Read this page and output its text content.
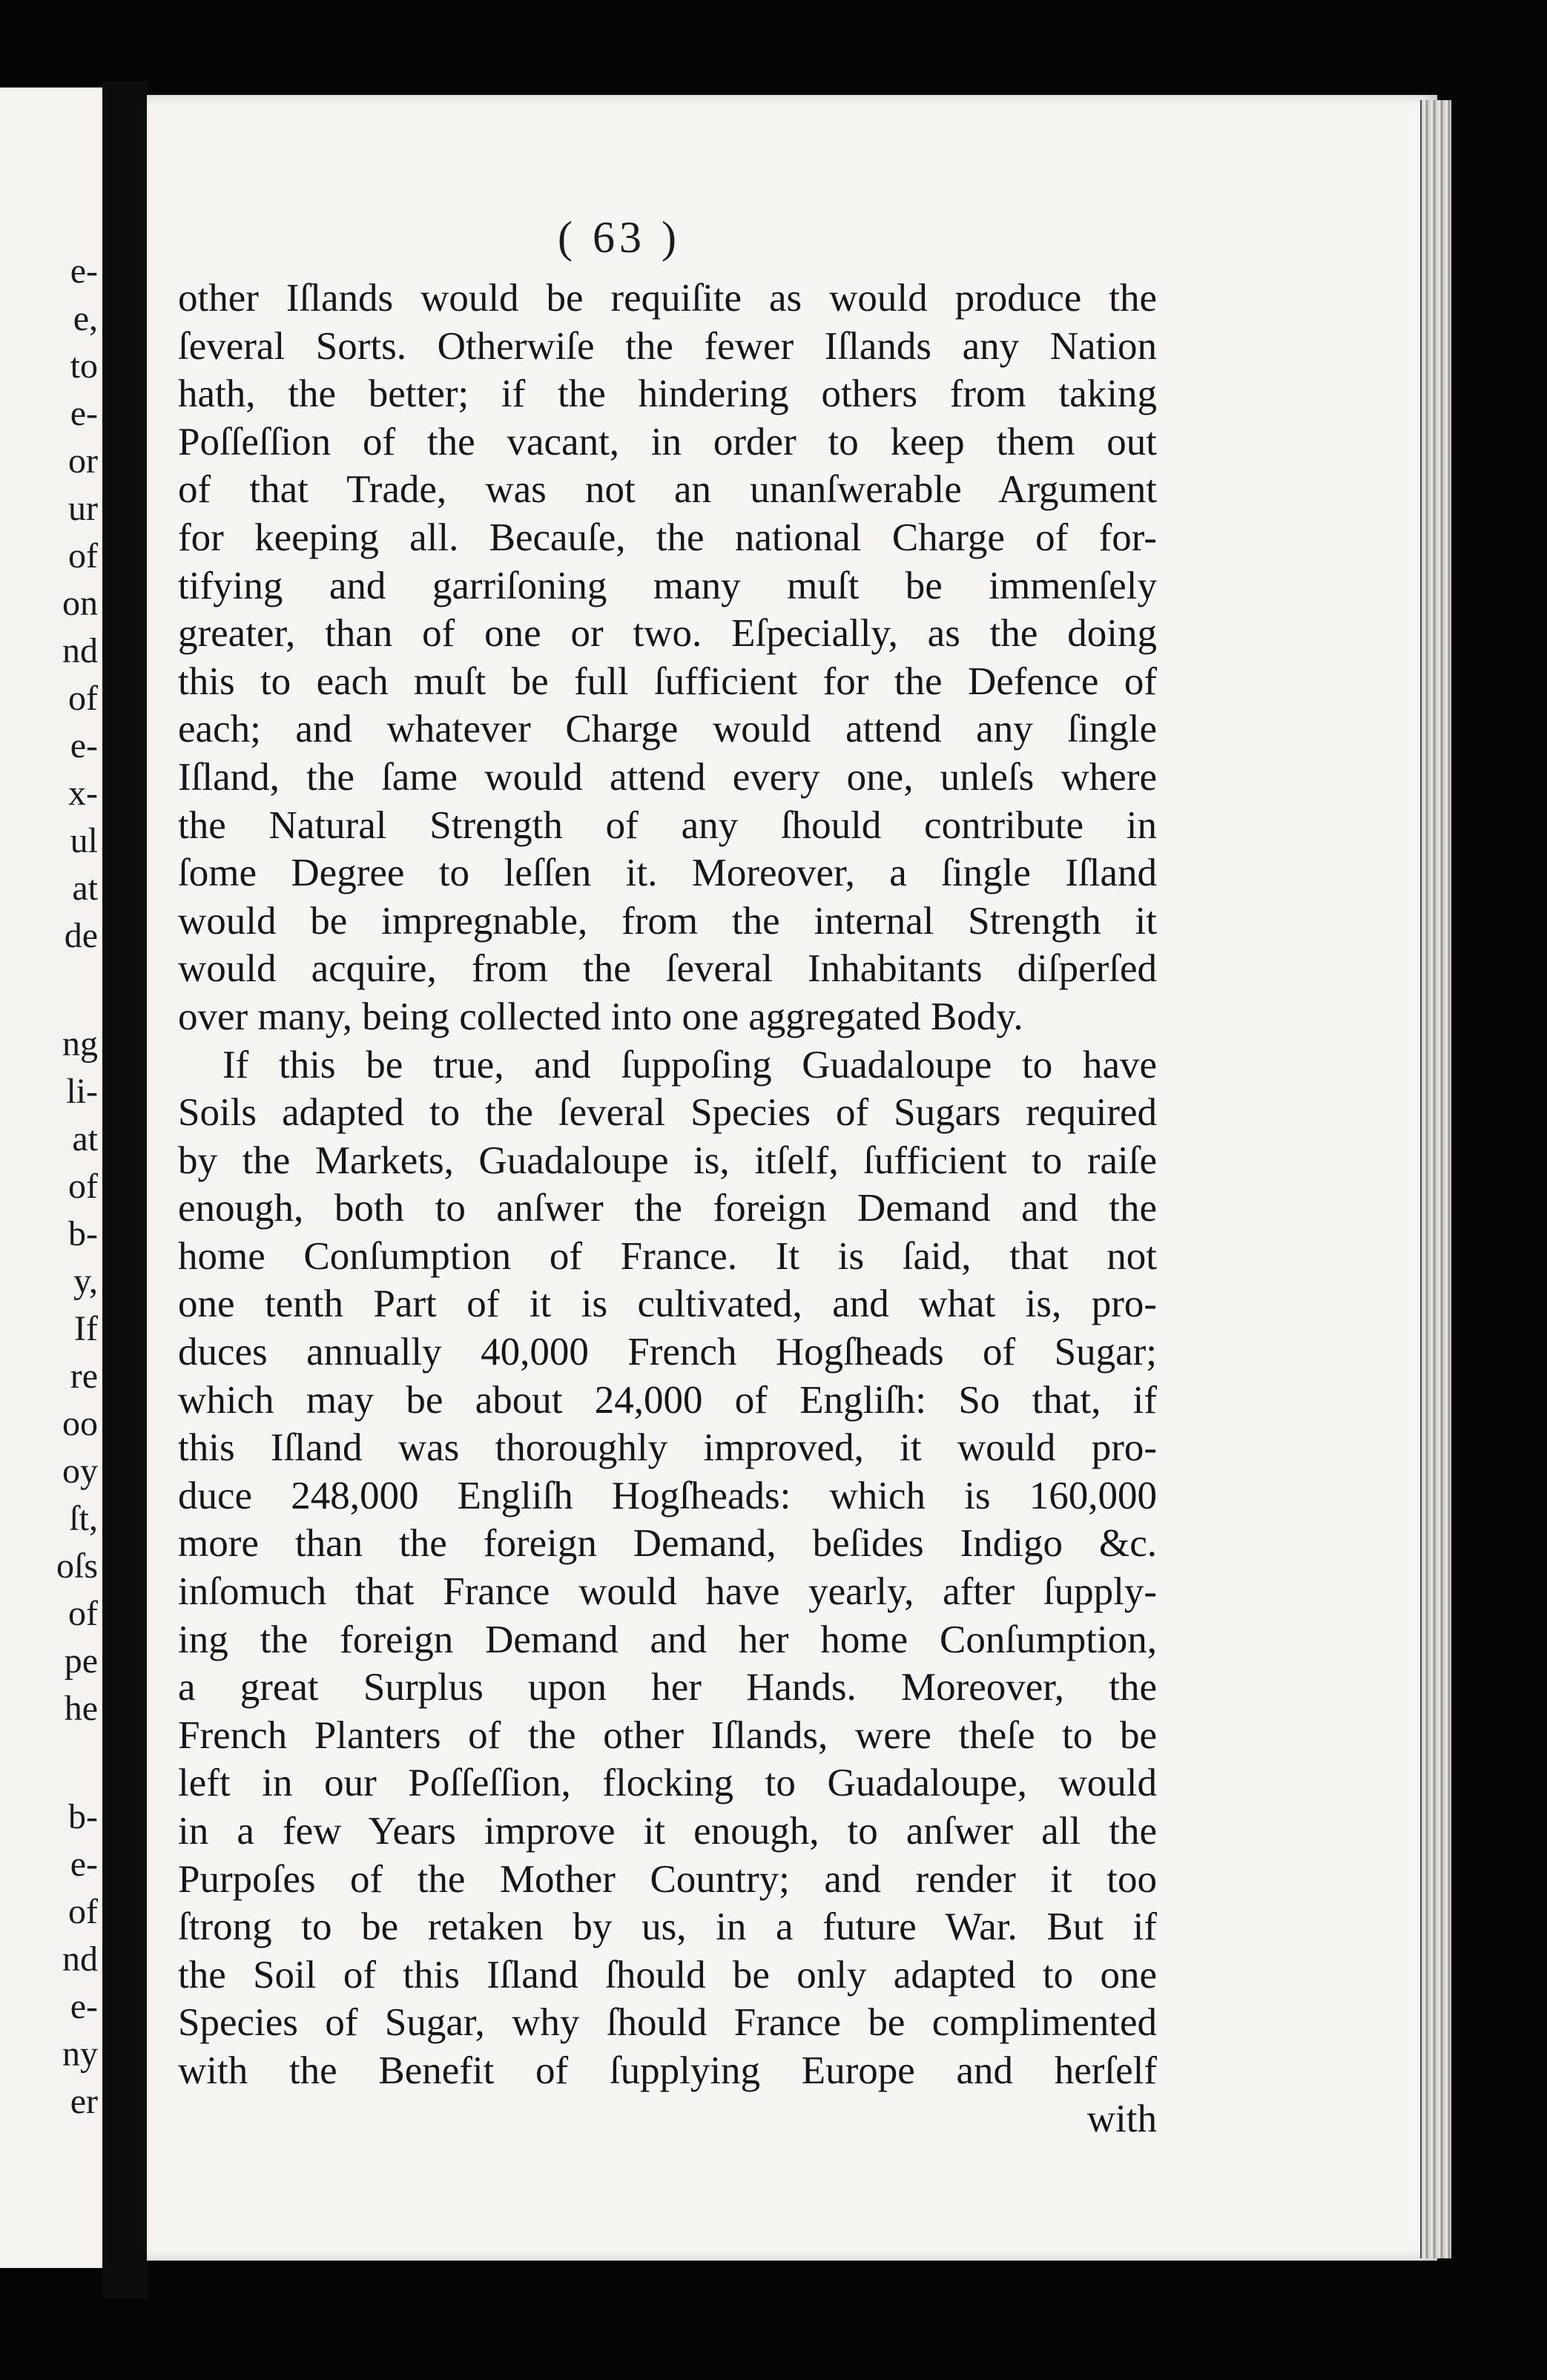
e-
e,
to
e-
or
ur
of
on
nd
of
e-
x-
ul
at
de
ng
li-
at
of
b-
y,
If
re
oo
oy
ſt,
oſs
of
pe
he
b-
e-
of
nd
e-
ny
er
( 63 )
other Iſlands would be requiſite as would produce the
ſeveral Sorts. Otherwiſe the fewer Iſlands any Nation
hath, the better; if the hindering others from taking
Poſſeſſion of the vacant, in order to keep them out
of that Trade, was not an unanſwerable Argument
for keeping all. Becauſe, the national Charge of for-
tifying and garriſoning many muſt be immenſely
greater, than of one or two. Eſpecially, as the doing
this to each muſt be full ſufficient for the Defence of
each; and whatever Charge would attend any ſingle
Iſland, the ſame would attend every one, unleſs where
the Natural Strength of any ſhould contribute in
ſome Degree to leſſen it. Moreover, a ſingle Iſland
would be impregnable, from the internal Strength it
would acquire, from the ſeveral Inhabitants diſperſed
over many, being collected into one aggregated Body.
If this be true, and ſuppoſing Guadaloupe to have
Soils adapted to the ſeveral Species of Sugars required
by the Markets, Guadaloupe is, itſelf, ſufficient to raiſe
enough, both to anſwer the foreign Demand and the
home Conſumption of France. It is ſaid, that not
one tenth Part of it is cultivated, and what is, pro-
duces annually 40,000 French Hogſheads of Sugar;
which may be about 24,000 of Engliſh: So that, if
this Iſland was thoroughly improved, it would pro-
duce 248,000 Engliſh Hogſheads: which is 160,000
more than the foreign Demand, beſides Indigo &c.
inſomuch that France would have yearly, after ſupply-
ing the foreign Demand and her home Conſumption,
a great Surplus upon her Hands. Moreover, the
French Planters of the other Iſlands, were theſe to be
left in our Poſſeſſion, flocking to Guadaloupe, would
in a few Years improve it enough, to anſwer all the
Purpoſes of the Mother Country; and render it too
ſtrong to be retaken by us, in a future War. But if
the Soil of this Iſland ſhould be only adapted to one
Species of Sugar, why ſhould France be complimented
with the Benefit of ſupplying Europe and herſelf
with
